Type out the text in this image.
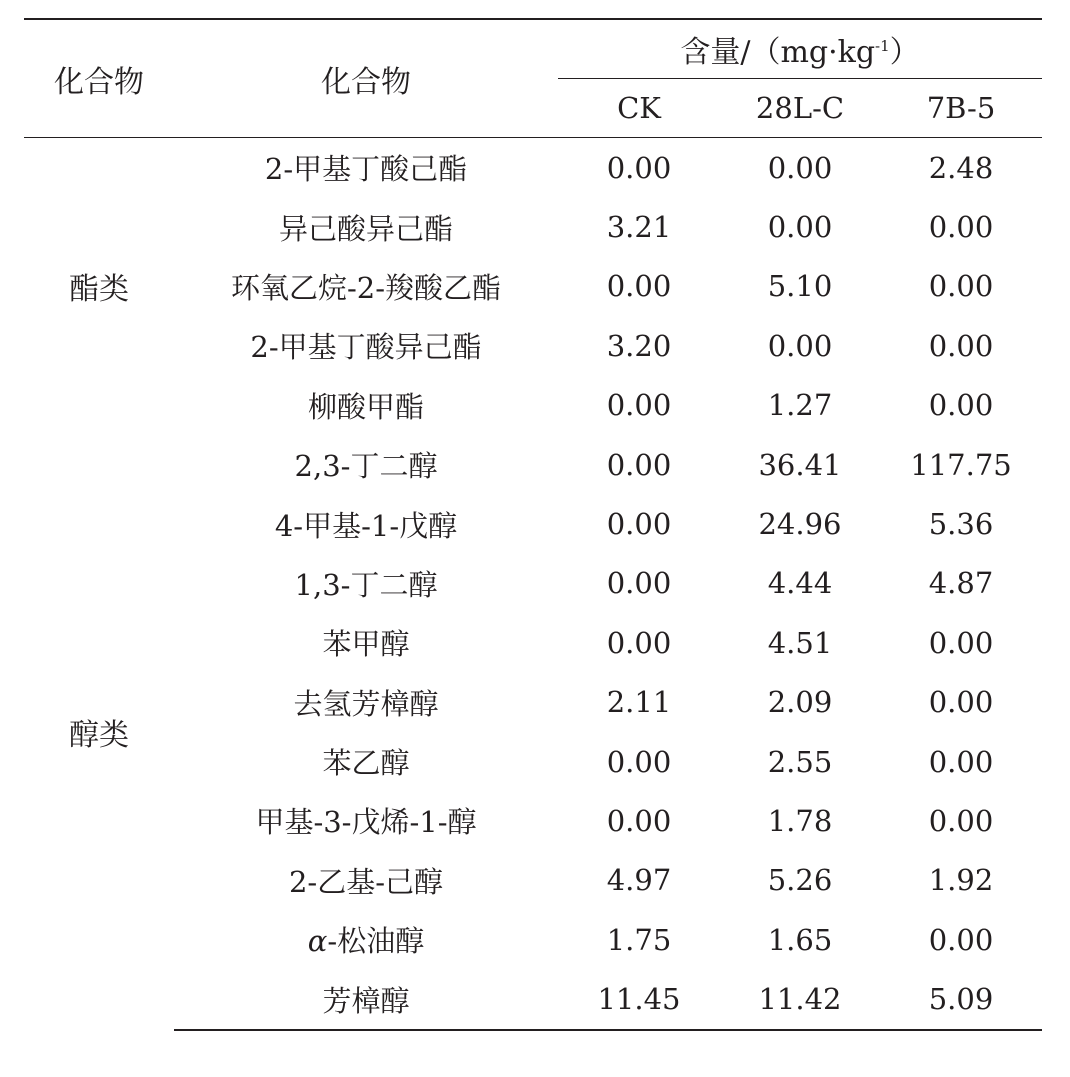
化合物	化合物	含量$/(mg\cdot kg^{-1})$		
		CK	28L-C	7B-5
酯类	2-甲基丁酸己酯	0.00	0.00	2.48
	异己酸异己酯	3.21	0.00	0.00
	环氧乙烷-2-羧酸乙酯	0.00	5.10	0.00
	2-甲基丁酸异己酯	3.20	0.00	0.00
	柳酸甲酯	0.00	1.27	0.00
醇类	2,3-丁二醇	0.00	36.41	117.75
	4-甲基-1-戊醇	0.00	24.96	5.36
	1,3-丁二醇	0.00	4.44	4.87
	苯甲醇	0.00	4.51	0.00
	去氢芳樟醇	2.11	2.09	0.00
	苯乙醇	0.00	2.55	0.00
	甲基-3-戊烯-1-醇	0.00	1.78	0.00
	2-乙基-己醇	4.97	5.26	1.92
	α-松油醇	1.75	1.65	0.00
	芳樟醇	11.45	11.42	5.09
